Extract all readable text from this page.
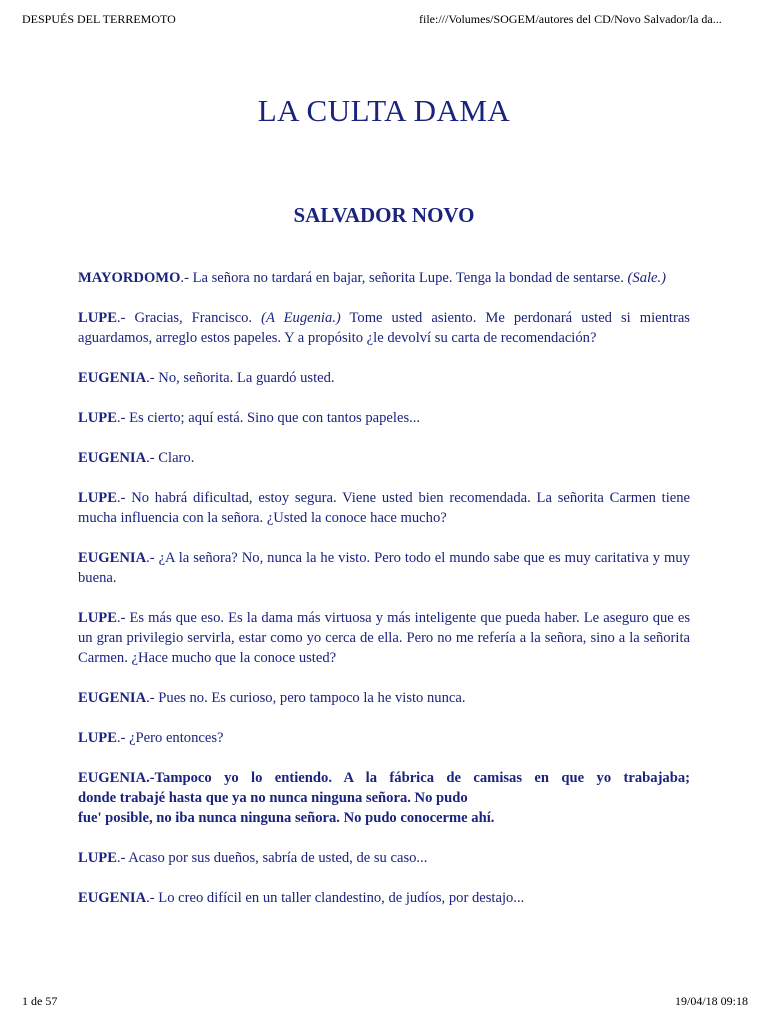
DESPUÉS DEL TERREMOTO	file:///Volumes/SOGEM/autores del CD/Novo Salvador/la da...
LA CULTA DAMA
SALVADOR NOVO

MAYORDOMO.- La señora no tardará en bajar, señorita Lupe. Tenga la bondad de sentarse. (Sale.)

LUPE.- Gracias, Francisco. (A Eugenia.) Tome usted asiento. Me perdonará usted si mientras aguardamos, arreglo estos papeles. Y a propósito ¿le devolví su carta de recomendación?

EUGENIA.- No, señorita. La guardó usted.

LUPE.- Es cierto; aquí está. Sino que con tantos papeles...

EUGENIA.- Claro.

LUPE.- No habrá dificultad, estoy segura. Viene usted bien recomendada. La señorita Carmen tiene mucha influencia con la señora. ¿Usted la conoce hace mucho?

EUGENIA.- ¿A la señora? No, nunca la he visto. Pero todo el mundo sabe que es muy caritativa y muy buena.

LUPE.- Es más que eso. Es la dama más virtuosa y más inteligente que pueda haber. Le aseguro que es un gran privilegio servirla, estar como yo cerca de ella. Pero no me refería a la señora, sino a la señorita Carmen. ¿Hace mucho que la conoce usted?

EUGENIA.- Pues no. Es curioso, pero tampoco la he visto nunca.

LUPE.- ¿Pero entonces?

EUGENIA.-Tampoco yo lo entiendo. A la fábrica de camisas en que yo trabajaba;
donde trabajé hasta que ya no nunca ninguna señora. No pudo
fue' posible, no iba nunca ninguna señora. No pudo conocerme ahí.

LUPE.- Acaso por sus dueños, sabría de usted, de su caso...

EUGENIA.- Lo creo difícil en un taller clandestino, de judíos, por destajo...

1 de 57	19/04/18 09:18
